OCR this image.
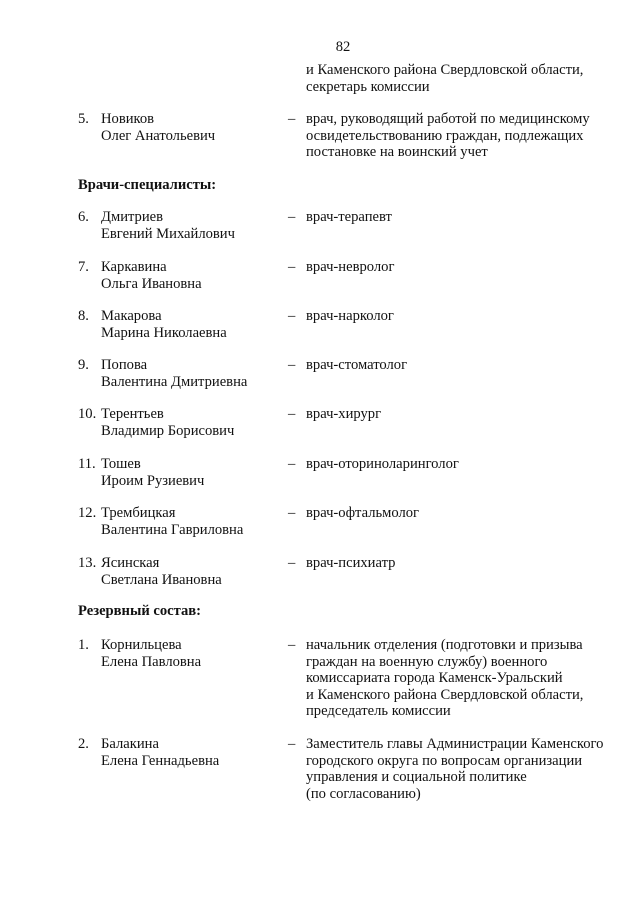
82
и Каменского района Свердловской области,
секретарь комиссии
5. Новиков
Олег Анатольевич
– врач, руководящий работой по медицинскому
освидетельствованию граждан, подлежащих
постановке на воинский учет
Врачи-специалисты:
6. Дмитриев
Евгений Михайлович
– врач-терапевт
7. Каркавина
Ольга Ивановна
– врач-невролог
8. Макарова
Марина Николаевна
– врач-нарколог
9. Попова
Валентина Дмитриевна
– врач-стоматолог
10. Терентьев
Владимир Борисович
– врач-хирург
11. Тошев
Ироим Рузиевич
– врач-оториноларинголог
12. Трембицкая
Валентина Гавриловна
– врач-офтальмолог
13. Ясинская
Светлана Ивановна
– врач-психиатр
Резервный состав:
1. Корнильцева
Елена Павловна
– начальник отделения (подготовки и призыва
граждан на военную службу) военного
комиссариата города Каменск-Уральский
и Каменского района Свердловской области,
председатель комиссии
2. Балакина
Елена Геннадьевна
– Заместитель главы Администрации Каменского
городского округа по вопросам организации
управления и социальной политике
(по согласованию)
